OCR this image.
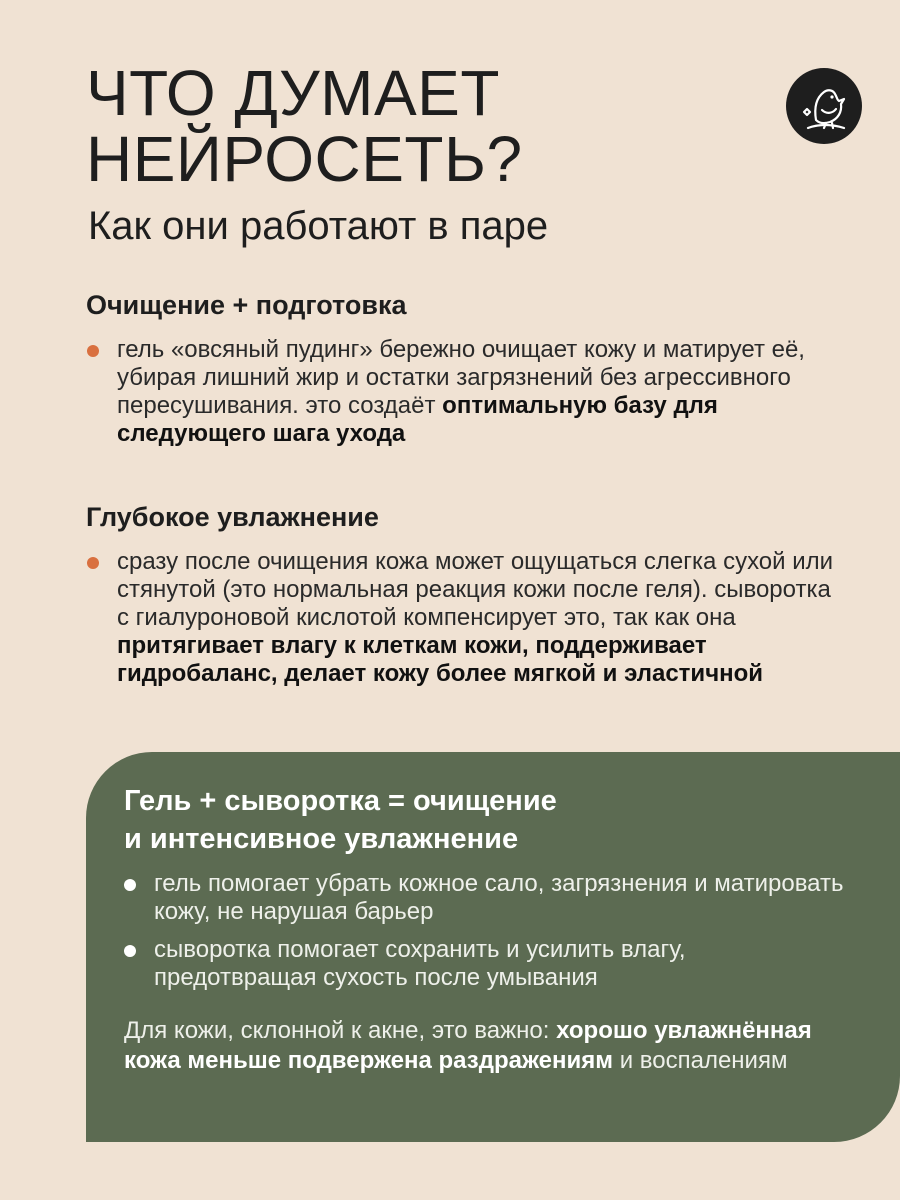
ЧТО ДУМАЕТ
НЕЙРОСЕТЬ?
Как они работают в паре
Очищение + подготовка
гель «овсяный пудинг» бережно очищает кожу и матирует её, убирая лишний жир и остатки загрязнений без агрессивного пересушивания. это создаёт оптимальную базу для следующего шага ухода
Глубокое увлажнение
сразу после очищения кожа может ощущаться слегка сухой или стянутой (это нормальная реакция кожи после геля). сыворотка с гиалуроновой кислотой компенсирует это, так как она притягивает влагу к клеткам кожи, поддерживает гидробаланс, делает кожу более мягкой и эластичной
Гель + сыворотка = очищение
и интенсивное увлажнение
гель помогает убрать кожное сало, загрязнения и матировать кожу, не нарушая барьер
сыворотка помогает сохранить и усилить влагу, предотвращая сухость после умывания
Для кожи, склонной к акне, это важно: хорошо увлажнённая кожа меньше подвержена раздражениям и воспалениям
